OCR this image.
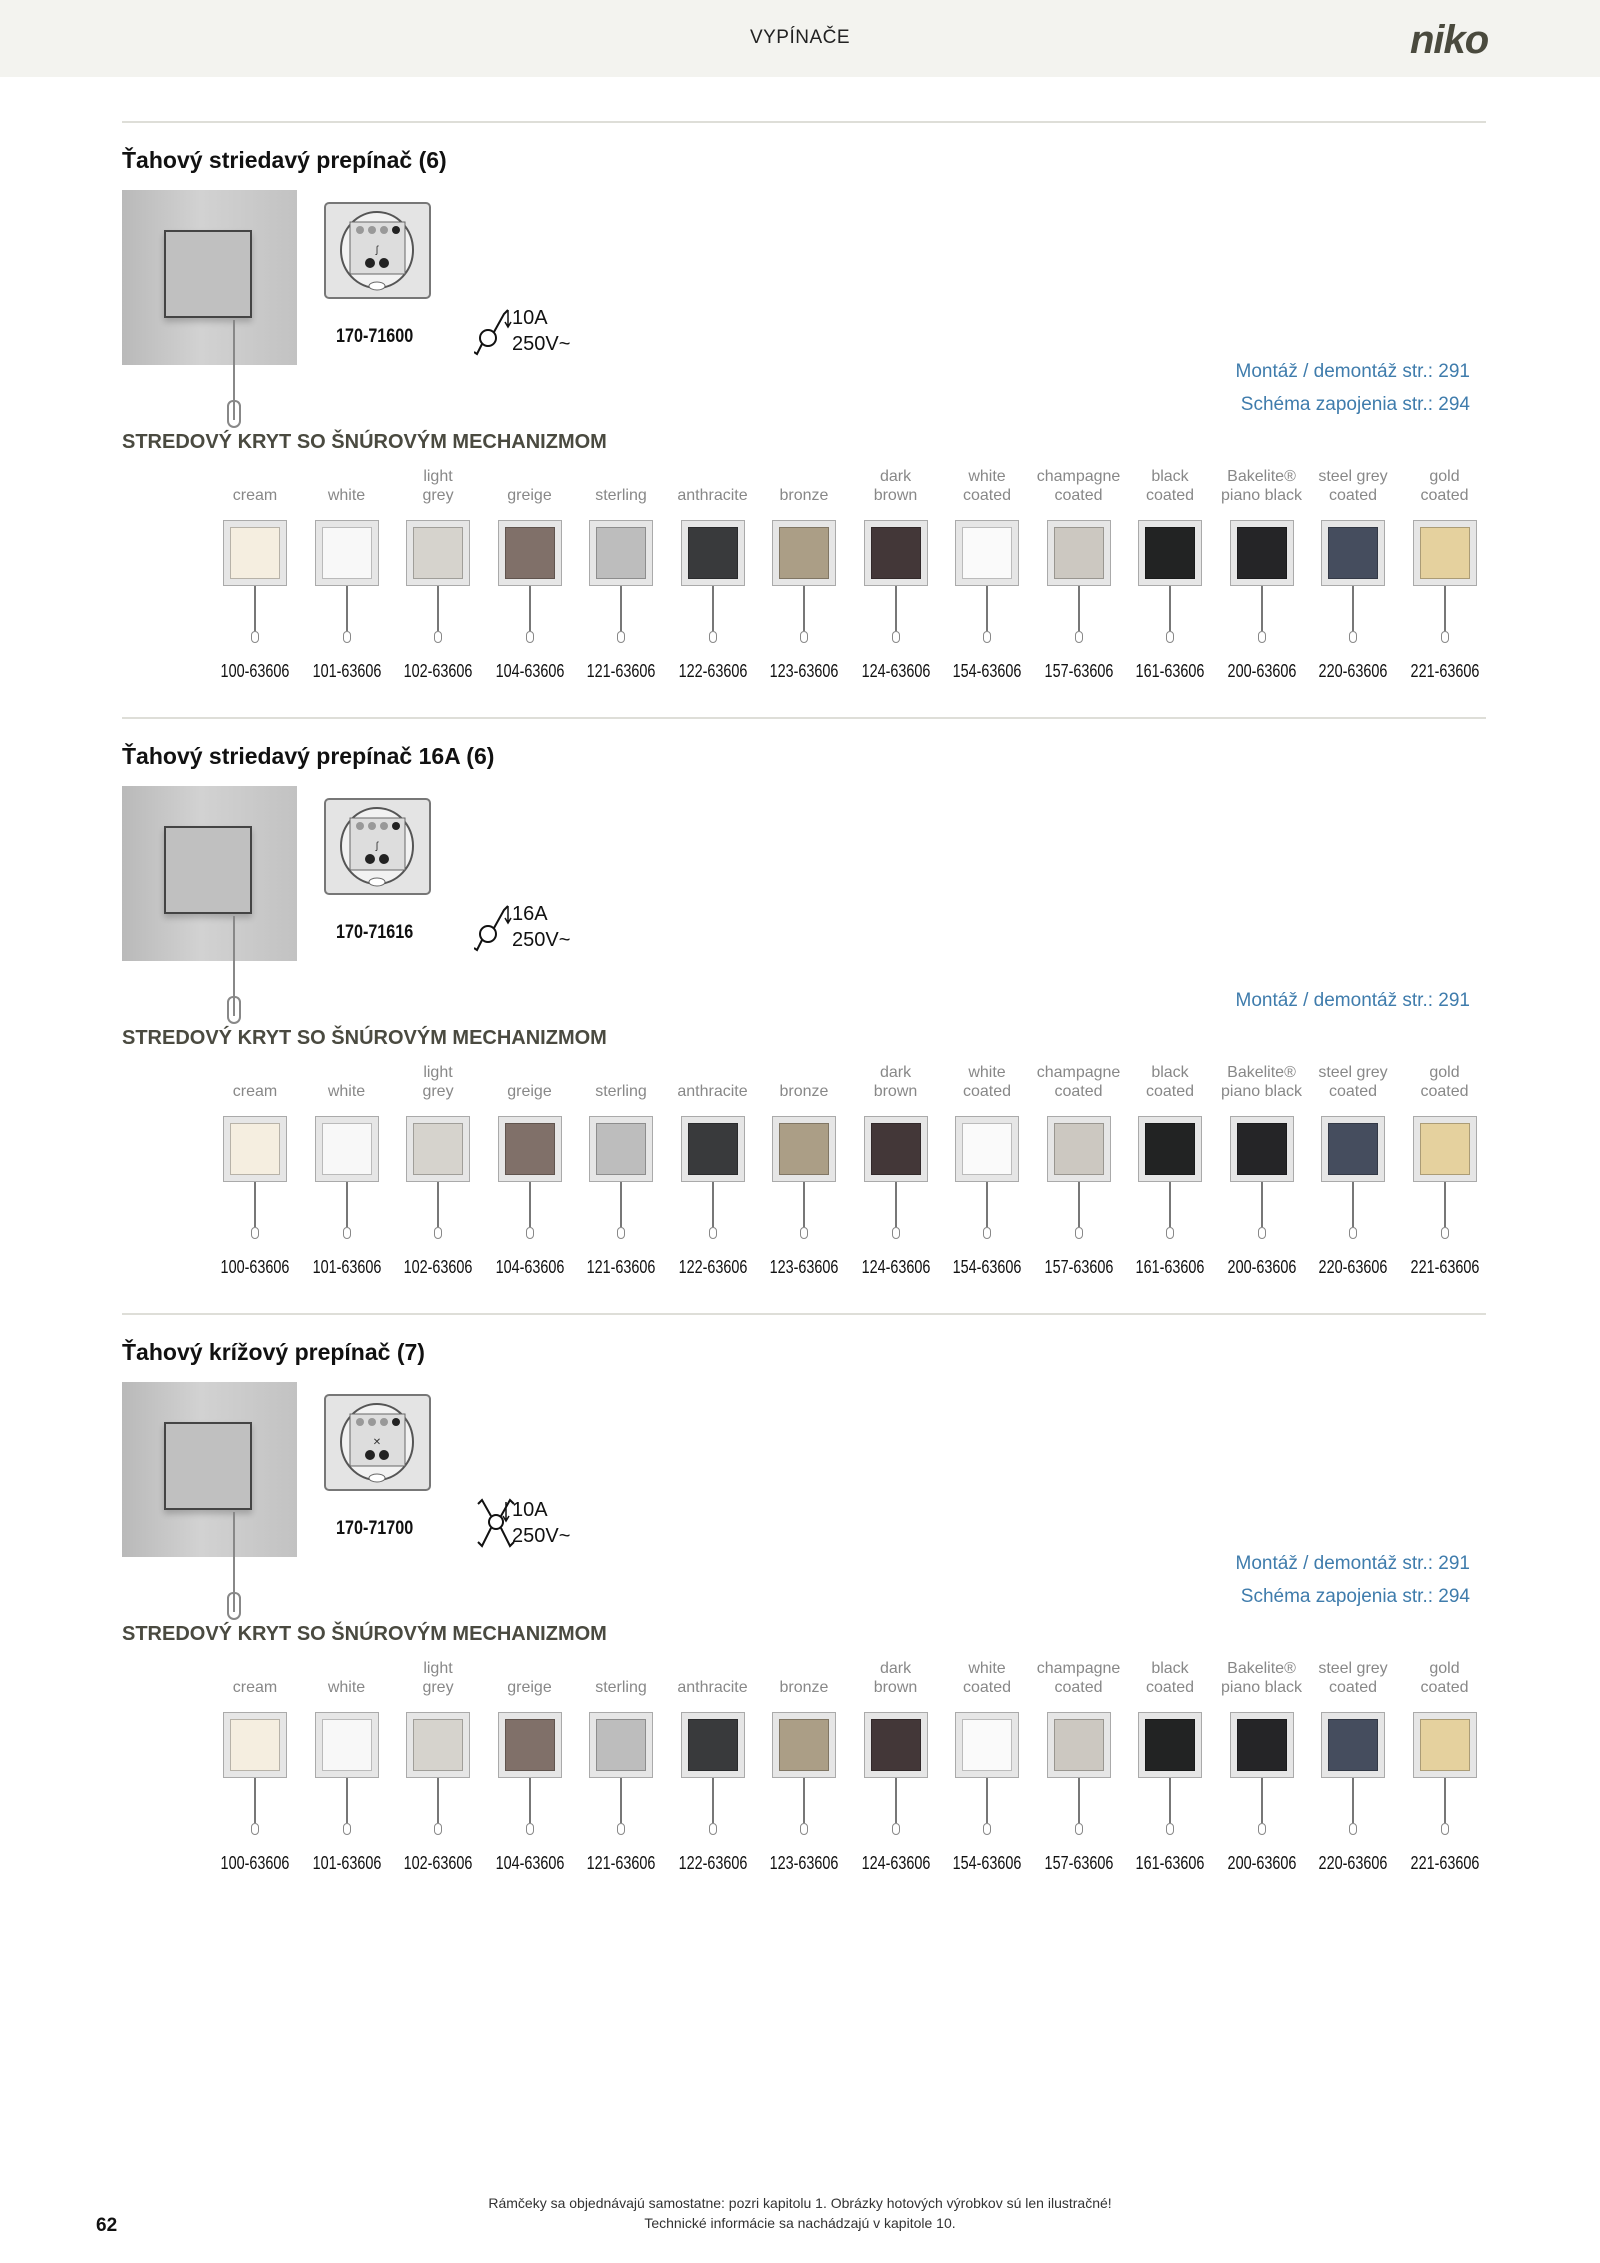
VYPÍNAČE	niko
Ťahový striedavý prepínač (6)
ʃ
170-71600
10A
250V~
Montáž / demontáž str.: 291
Schéma zapojenia str.: 294
STREDOVÝ KRYT SO ŠNÚROVÝM MECHANIZMOM
cream
100-63606
white
101-63606
light
grey
102-63606
greige
104-63606
sterling
121-63606
anthracite
122-63606
bronze
123-63606
dark
brown
124-63606
white
coated
154-63606
champagne
coated
157-63606
black
coated
161-63606
Bakelite®
piano black
200-63606
steel grey
coated
220-63606
gold
coated
221-63606
Ťahový striedavý prepínač 16A (6)
ʃ
170-71616
16A
250V~
Montáž / demontáž str.: 291
STREDOVÝ KRYT SO ŠNÚROVÝM MECHANIZMOM
cream
100-63606
white
101-63606
light
grey
102-63606
greige
104-63606
sterling
121-63606
anthracite
122-63606
bronze
123-63606
dark
brown
124-63606
white
coated
154-63606
champagne
coated
157-63606
black
coated
161-63606
Bakelite®
piano black
200-63606
steel grey
coated
220-63606
gold
coated
221-63606
Ťahový krížový prepínač (7)
✕
170-71700
10A
250V~
Montáž / demontáž str.: 291
Schéma zapojenia str.: 294
STREDOVÝ KRYT SO ŠNÚROVÝM MECHANIZMOM
cream
100-63606
white
101-63606
light
grey
102-63606
greige
104-63606
sterling
121-63606
anthracite
122-63606
bronze
123-63606
dark
brown
124-63606
white
coated
154-63606
champagne
coated
157-63606
black
coated
161-63606
Bakelite®
piano black
200-63606
steel grey
coated
220-63606
gold
coated
221-63606
62
Rámčeky sa objednávajú samostatne: pozri kapitolu 1. Obrázky hotových výrobkov sú len ilustračné!
Technické informácie sa nachádzajú v kapitole 10.
